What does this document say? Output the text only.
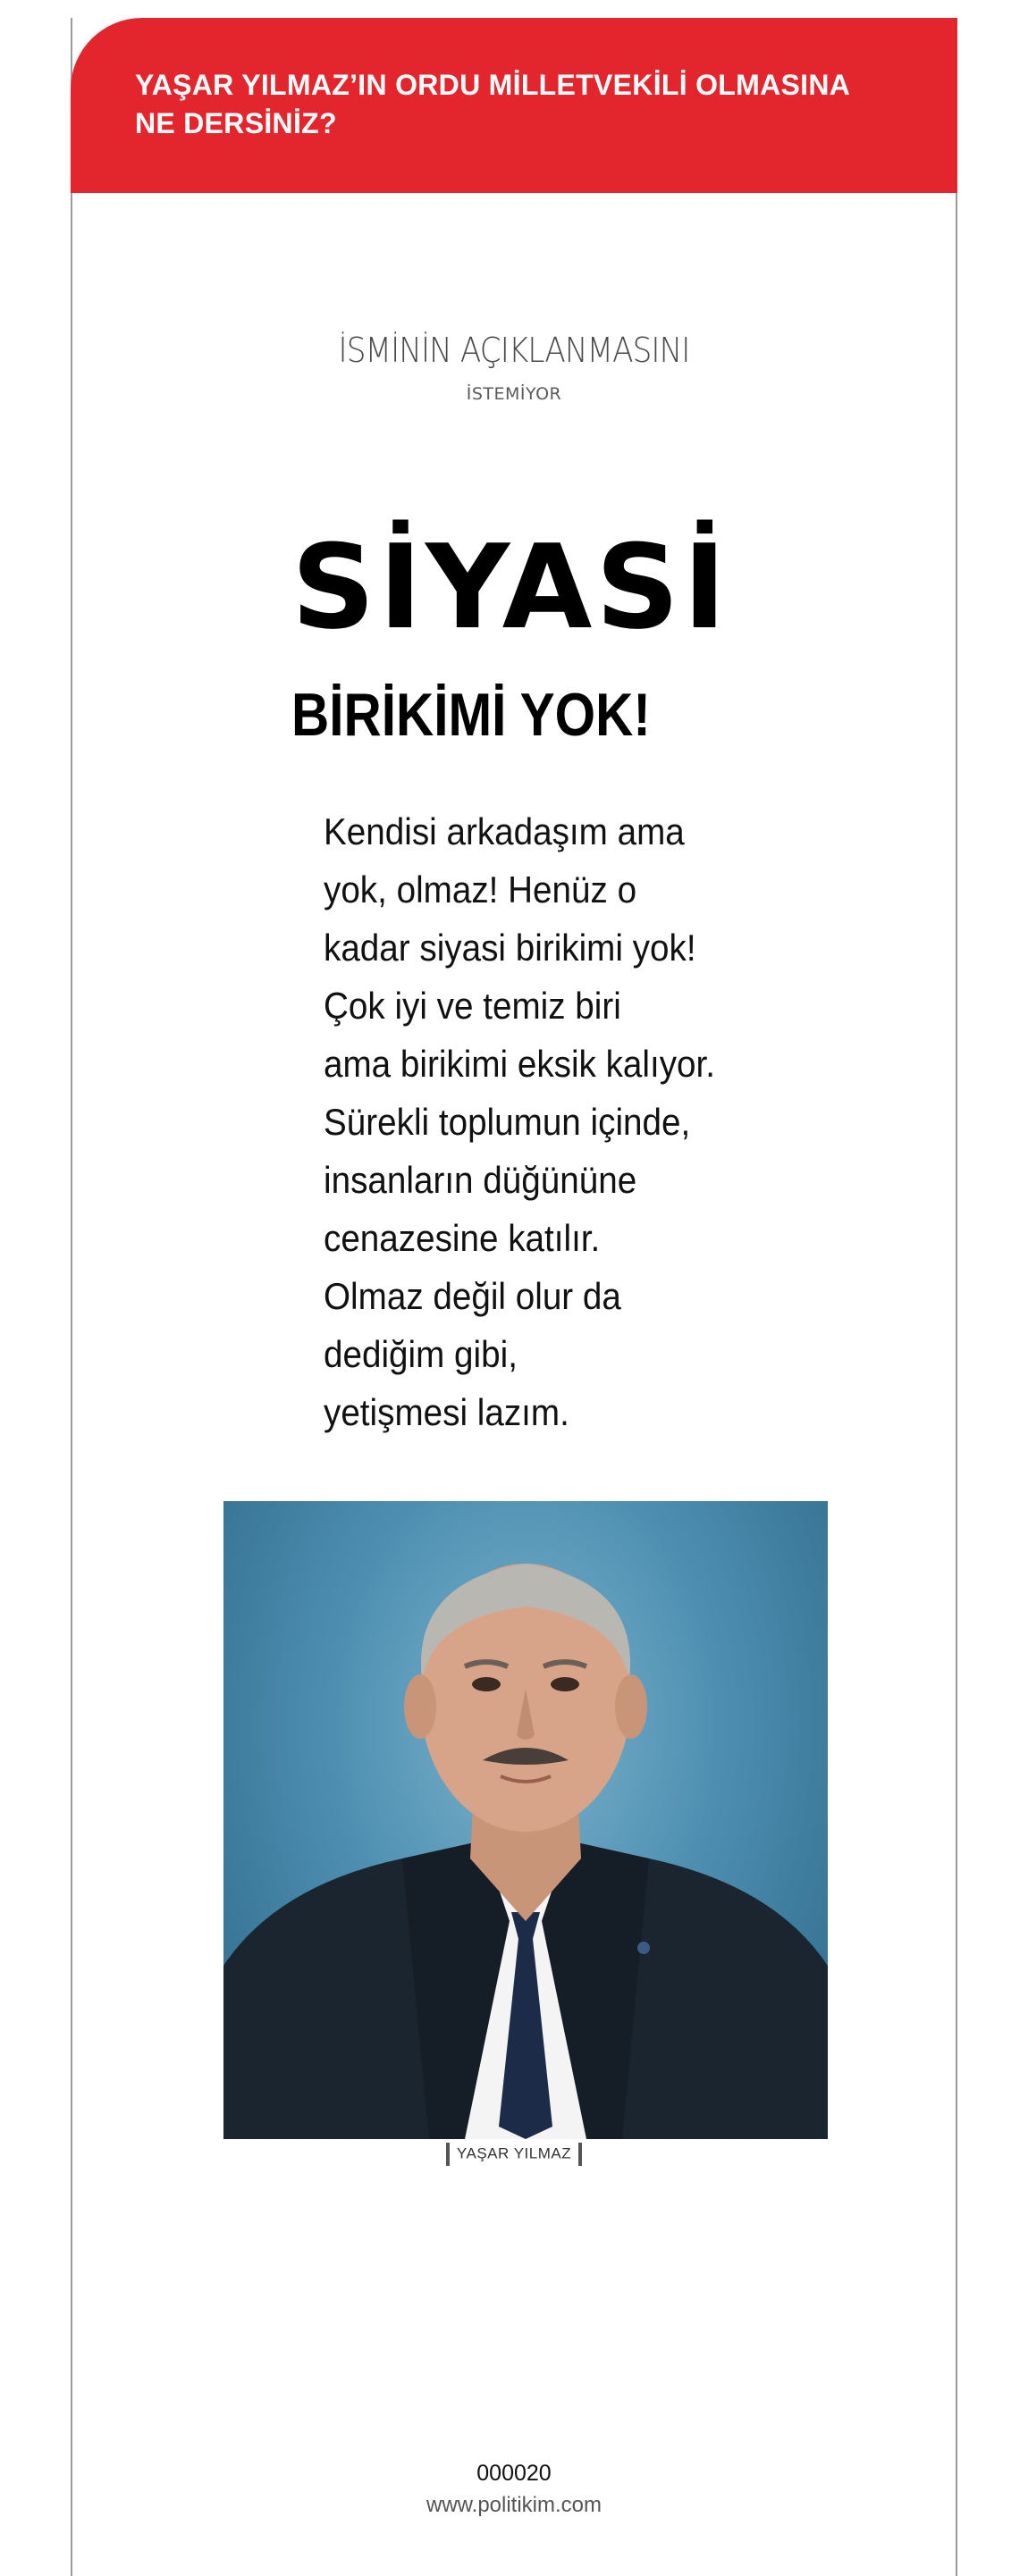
YAŞAR YILMAZ’IN ORDU MİLLETVEKİLİ OLMASINA
NE DERSİNİZ?

İSMİNİN AÇIKLANMASINI
İSTEMİYOR
SİYASİ
BİRİKİMİ YOK!

Kendisi arkadaşım ama
yok, olmaz! Henüz o
kadar siyasi birikimi yok!
Çok iyi ve temiz biri
ama birikimi eksik kalıyor.
Sürekli toplumun içinde,
insanların düğününe
cenazesine katılır.
Olmaz değil olur da
dediğim gibi,
yetişmesi lazım.

YAŞAR YILMAZ
000020
www.politikim.com
